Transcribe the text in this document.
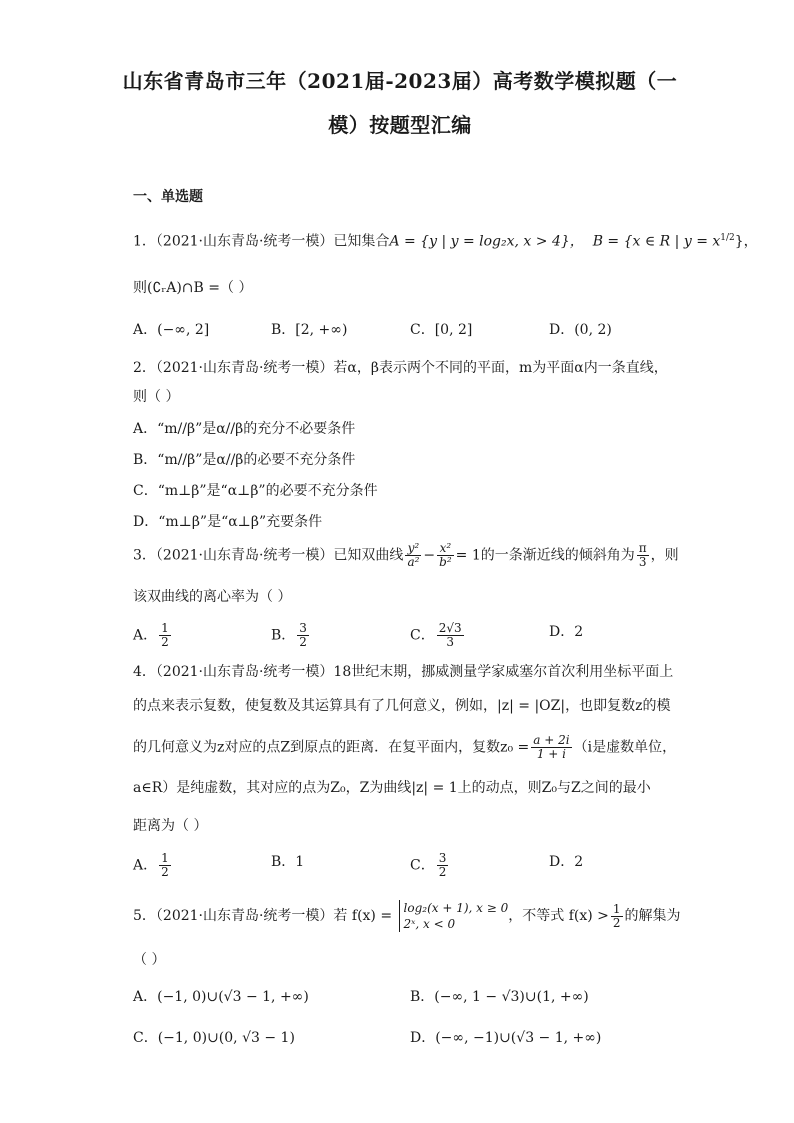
山东省青岛市三年（2021届-2023届）高考数学模拟题（一
模）按题型汇编
一、单选题
1．（2021·山东青岛·统考一模）已知集合A = {y | y = log₂x, x > 4}， B = {x ∈ R | $y = x^{1/2}$}，
则(∁ᵣA)∩B =（ ）
A．(−∞, 2]	B．[2, +∞)	C．[0, 2]	D．(0, 2)
2．（2021·山东青岛·统考一模）若α，β表示两个不同的平面，m为平面α内一条直线，
则（ ）
A．“m//β”是α//β的充分不必要条件
B．“m//β”是α//β的必要不充分条件
C．“m⊥β”是“α⊥β”的必要不充分条件
D．“m⊥β”是“α⊥β”充要条件
3．（2021·山东青岛·统考一模）已知双曲线 $\frac{\text{y²}}{\text{a²}} - \frac{\text{x²}}{\text{b²}} = 1$的一条渐近线的倾斜角为 $\frac{\pi}{3}$ ，则
该双曲线的离心率为（ ）
A． $\frac{1}{2}$	B． $\frac{3}{2}$	C． $\frac{2√3}{3}$	D．2
4．（2021·山东青岛·统考一模）18世纪末期，挪威测量学家威塞尔首次利用坐标平面上
的点来表示复数，使复数及其运算具有了几何意义，例如，|z| = |OZ|，也即复数z的模
的几何意义为z对应的点Z到原点的距离．在复平面内，复数$z_0 = \frac{a + 2i}{1 + i} (i$是虚数单位，
a∈R）是纯虚数，其对应的点为Z₀，Z为曲线|z| = 1上的动点，则Z₀与Z之间的最小
距离为（ ）
A． $\frac{1}{2}$	B．1	C． $\frac{3}{2}$	D．2
5．（2021·山东青岛·统考一模）若 f(x) = log₂(x + 1), x ≥ 0
2ˣ, x < 0	，不等式 $f(x) > \frac{1}{2}$ 的解集为
（ ）
A．(−1, 0)∪(√3 − 1, +∞)	B．(−∞, 1 − √3)∪(1, +∞)
C．(−1, 0)∪(0, √3 − 1)	D．(−∞, −1)∪(√3 − 1, +∞)
